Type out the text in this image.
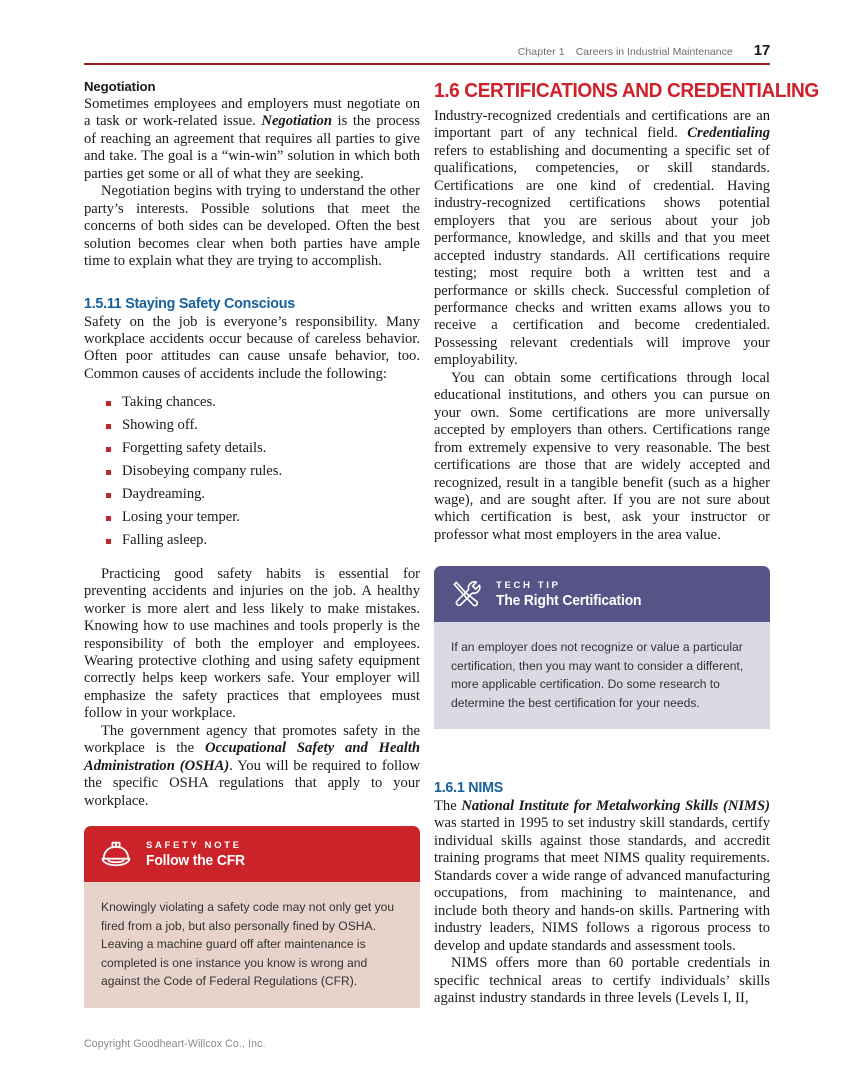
Chapter 1 Careers in Industrial Maintenance 17
Negotiation

Sometimes employees and employers must negotiate on a task or work-related issue. Negotiation is the process of reaching an agreement that requires all parties to give and take. The goal is a “win-win” solution in which both parties get some or all of what they are seeking.

Negotiation begins with trying to understand the other party’s interests. Possible solutions that meet the concerns of both sides can be developed. Often the best solution becomes clear when both parties have ample time to explain what they are trying to accomplish.

1.5.11 Staying Safety Conscious

Safety on the job is everyone’s responsibility. Many workplace accidents occur because of careless behavior. Often poor attitudes can cause unsafe behavior, too. Common causes of accidents include the following:

Taking chances.
Showing off.
Forgetting safety details.
Disobeying company rules.
Daydreaming.
Losing your temper.
Falling asleep.

Practicing good safety habits is essential for preventing accidents and injuries on the job. A healthy worker is more alert and less likely to make mistakes. Knowing how to use machines and tools properly is the responsibility of both the employer and employees. Wearing protective clothing and using safety equipment correctly helps keep workers safe. Your employer will emphasize the safety practices that employees must follow in your workplace.

The government agency that promotes safety in the workplace is the Occupational Safety and Health Administration (OSHA). You will be required to follow the specific OSHA regulations that apply to your workplace.

SAFETY NOTE
Follow the CFR
Knowingly violating a safety code may not only get you fired from a job, but also personally fined by OSHA. Leaving a machine guard off after maintenance is completed is one instance you know is wrong and against the Code of Federal Regulations (CFR).
1.6 CERTIFICATIONS AND CREDENTIALING

Industry-recognized credentials and certifications are an important part of any technical field. Credentialing refers to establishing and documenting a specific set of qualifications, competencies, or skill standards. Certifications are one kind of credential. Having industry-recognized certifications shows potential employers that you are serious about your job performance, knowledge, and skills and that you meet accepted industry standards. All certifications require testing; most require both a written test and a performance or skills check. Successful completion of performance checks and written exams allows you to receive a certification and become credentialed. Possessing relevant credentials will improve your employability.

You can obtain some certifications through local educational institutions, and others you can pursue on your own. Some certifications are more universally accepted by employers than others. Certifications range from extremely expensive to very reasonable. The best certifications are those that are widely accepted and recognized, result in a tangible benefit (such as a higher wage), and are sought after. If you are not sure about which certification is best, ask your instructor or professor what most employers in the area value.

TECH TIP
The Right Certification
If an employer does not recognize or value a particular certification, then you may want to consider a different, more applicable certification. Do some research to determine the best certification for your needs.
1.6.1 NIMS

The National Institute for Metalworking Skills (NIMS) was started in 1995 to set industry skill standards, certify individual skills against those standards, and accredit training programs that meet NIMS quality requirements. Standards cover a wide range of advanced manufacturing occupations, from machining to maintenance, and include both theory and hands-on skills. Partnering with industry leaders, NIMS follows a rigorous process to develop and update standards and assessment tools.

NIMS offers more than 60 portable credentials in specific technical areas to certify individuals’ skills against industry standards in three levels (Levels I, II,

Copyright Goodheart-Willcox Co., Inc.
